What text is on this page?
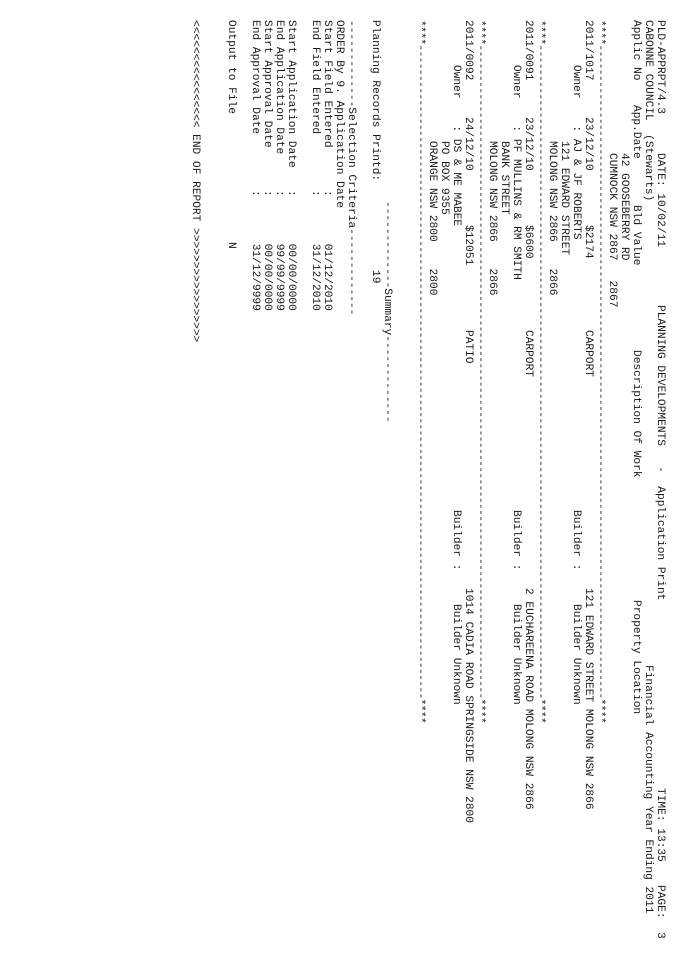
PLD-APPRPT/4.3
DATE: 10/02/11
PLANNING DEVELOPMENTS   -  Application Print
TIME: 13:35
PAGE:  3
CABONNE COUNCIL  (Stewarts)
Financial Accounting Year Ending 2011
Applic No
App.Date
Bld Value
Description Of Work
Property Location
42 GOOSEBERRY RD
CUMNOCK NSW 2867   2867
****-----------------------------------------------------------------------------------------------------------****
2011/1017
23/12/10
$2174
CARPORT
121 EDWARD STREET MOLONG NSW 2866
Owner    : AJ & JF ROBERTS
Builder :     Builder Unknown
121 EDWARD STREET
MOLONG NSW 2866    2866
****-----------------------------------------------------------------------------------------------------------****
2011/0091
23/12/10
$6600
CARPORT
2 EUCHAREENA ROAD MOLONG NSW 2866
Owner    : PF MULLINS & RM SMITH
Builder :     Builder Unknown
BANK STREET
MOLONG NSW 2866    2866
****-----------------------------------------------------------------------------------------------------------****
2011/0092
24/12/10
$12051
PATIO
1014 CADIA ROAD SPRINGSIDE NSW 2800
Owner    : DS & ME MABEE
Builder :     Builder Unknown
PO BOX 9355
ORANGE NSW 2800    2800
****-----------------------------------------------------------------------------------------------------------****
-------------Summary-------------
Planning Records Printd:
19
-------------Selection Criteria-------------
ORDER By 9. Application Date
Start Field Entered
:       01/12/2010
End Field Entered
:       31/12/2010
Start Application Date
:       00/00/0000
End Application Date
:       99/99/9999
Start Approval Date
:       00/00/0000
End Approval Date
:       31/12/9999
Output to File
N
<<<<<<<<<<<<<<<< END OF REPORT >>>>>>>>>>>>>>>>>
